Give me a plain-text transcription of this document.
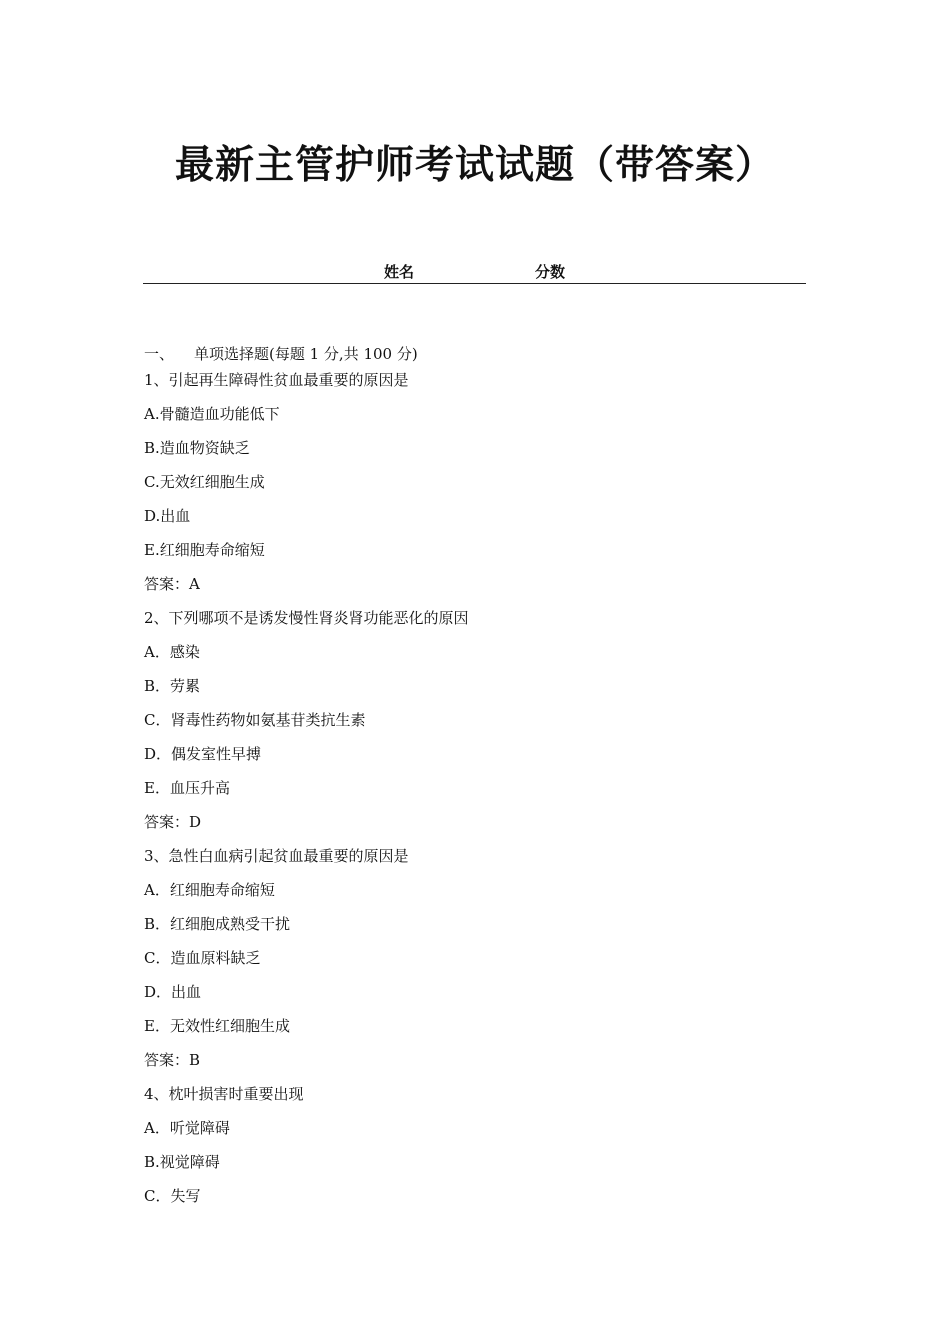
最新主管护师考试试题（带答案）
姓名	分数
一、 单项选择题(每题 1 分,共 100 分)
1、引起再生障碍性贫血最重要的原因是
A.骨髓造血功能低下
B.造血物资缺乏
C.无效红细胞生成
D.出血
E.红细胞寿命缩短
答案：A
2、下列哪项不是诱发慢性肾炎肾功能恶化的原因
A．感染
B．劳累
C．肾毒性药物如氨基苷类抗生素
D．偶发室性早搏
E．血压升高
答案：D
3、急性白血病引起贫血最重要的原因是
A．红细胞寿命缩短
B．红细胞成熟受干扰
C．造血原料缺乏
D．出血
E．无效性红细胞生成
答案：B
4、枕叶损害时重要出现
A．听觉障碍
B.视觉障碍
C．失写
